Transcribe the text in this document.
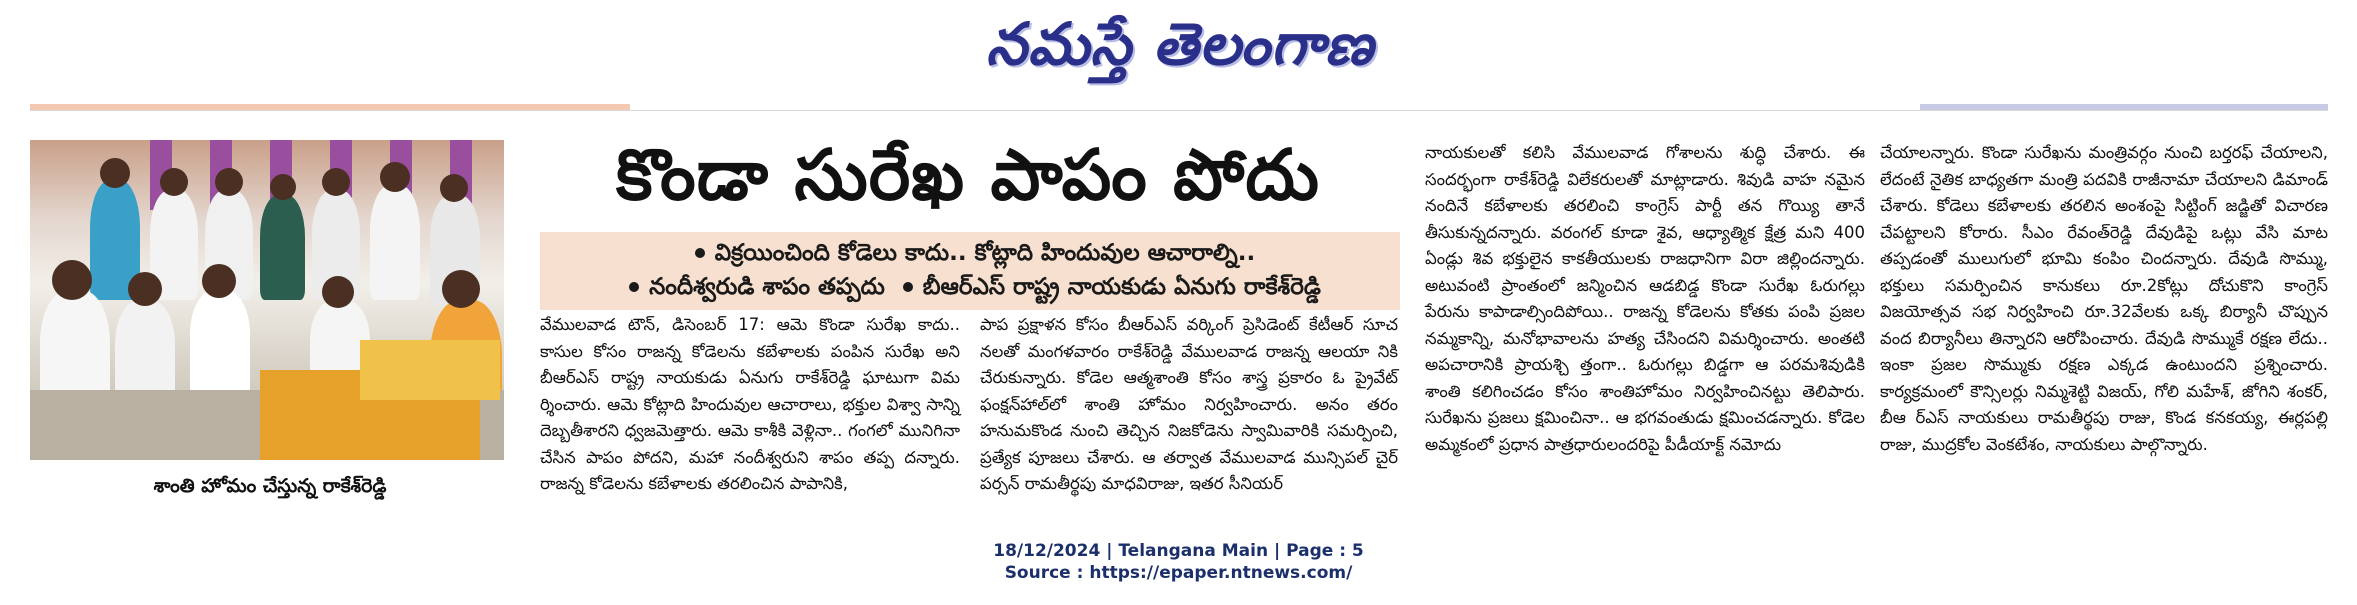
నమస్తే తెలంగాణ
శాంతి హోమం చేస్తున్న రాకేశ్‌రెడ్డి
కొండా సురేఖ పాపం పోదు
విక్రయించింది కోడెలు కాదు.. కోట్లాది హిందువుల ఆచారాల్ని..
నందీశ్వరుడి శాపం తప్పదు బీఆర్‌ఎస్‌ రాష్ట్ర నాయకుడు ఏనుగు రాకేశ్‌రెడ్డి

వేములవాడ టౌన్‌, డిసెంబర్‌ 17: ఆమె కొండా సురేఖ కాదు.. కాసుల కోసం రాజన్న కోడెలను కబేళాలకు పంపిన సురేఖ అని బీఆర్‌ఎస్‌ రాష్ట్ర నాయకుడు ఏనుగు రాకేశ్‌రెడ్డి ఘాటుగా విమ ర్శించారు. ఆమె కోట్లాది హిందువుల ఆచారాలు, భక్తుల విశ్వా సాన్ని దెబ్బతీశారని ధ్వజమెత్తారు. ఆమె కాశీకి వెళ్లినా.. గంగలో మునిగినా చేసిన పాపం పోదని, మహా నందీశ్వరుని శాపం తప్ప దన్నారు. రాజన్న కోడెలను కబేళాలకు తరలించిన పాపానికి,

పాప ప్రక్షాళన కోసం బీఆర్‌ఎస్‌ వర్కింగ్‌ ప్రెసిడెంట్‌ కేటీఆర్‌ సూచ నలతో మంగళవారం రాకేశ్‌రెడ్డి వేములవాడ రాజన్న ఆలయా నికి చేరుకున్నారు. కోడెల ఆత్మశాంతి కోసం శాస్త్ర ప్రకారం ఓ ప్రైవేట్‌ ఫంక్షన్‌హాల్‌లో శాంతి హోమం నిర్వహించారు. అనం తరం హనుమకొండ నుంచి తెచ్చిన నిజకోడెను స్వామివారికి సమర్పించి, ప్రత్యేక పూజలు చేశారు. ఆ తర్వాత వేములవాడ మున్సిపల్‌ చైర్‌ పర్సన్‌ రామతీర్థపు మాధవిరాజు, ఇతర సీనియర్‌

నాయకులతో కలిసి వేములవాడ గోశాలను శుద్ధి చేశారు. ఈ సందర్భంగా రాకేశ్‌రెడ్డి విలేకరులతో మాట్లాడారు. శివుడి వాహ నమైన నందినే కబేళాలకు తరలించి కాంగ్రెస్‌ పార్టీ తన గొయ్యి తానే తీసుకున్నదన్నారు. వరంగల్‌ కూడా శైవ, ఆధ్యాత్మిక క్షేత్ర మని 400 ఏండ్లు శివ భక్తులైన కాకతీయులకు రాజధానిగా విరా జిల్లిందన్నారు. అటువంటి ప్రాంతంలో జన్మించిన ఆడబిడ్డ కొండా సురేఖ ఓరుగల్లు పేరును కాపాడాల్సిందిపోయి.. రాజన్న కోడెలను కోతకు పంపి ప్రజల నమ్మకాన్ని, మనోభావాలను హత్య చేసిందని విమర్శించారు. అంతటి అపచారానికి ప్రాయశ్చి త్తంగా.. ఓరుగల్లు బిడ్డగా ఆ పరమశివుడికి శాంతి కలిగించడం కోసం శాంతిహోమం నిర్వహించినట్టు తెలిపారు. సురేఖను ప్రజలు క్షమించినా.. ఆ భగవంతుడు క్షమించడన్నారు. కోడెల అమ్మకంలో ప్రధాన పాత్రధారులందరిపై పీడీయాక్ట్‌ నమోదు

చేయాలన్నారు. కొండా సురేఖను మంత్రివర్గం నుంచి బర్తరఫ్‌ చేయాలని, లేదంటే నైతిక బాధ్యతగా మంత్రి పదవికి రాజీనామా చేయాలని డిమాండ్‌ చేశారు. కోడెలు కబేళాలకు తరలిన అంశంపై సిట్టింగ్‌ జడ్జితో విచారణ చేపట్టాలని కోరారు. సీఎం రేవంత్‌రెడ్డి దేవుడిపై ఒట్లు వేసి మాట తప్పడంతో ములుగులో భూమి కంపిం చిందన్నారు. దేవుడి సొమ్ము, భక్తులు సమర్పించిన కానుకలు రూ.2కోట్లు దోచుకొని కాంగ్రెస్‌ విజయోత్సవ సభ నిర్వహించి రూ.32వేలకు ఒక్క బిర్యానీ చొప్పున వంద బిర్యానీలు తిన్నారని ఆరోపించారు. దేవుడి సొమ్ముకే రక్షణ లేదు.. ఇంకా ప్రజల సొమ్ముకు రక్షణ ఎక్కడ ఉంటుందని ప్రశ్నించారు. కార్యక్రమంలో కౌన్సిలర్లు నిమ్మశెట్టి విజయ్‌, గోలి మహేశ్‌, జోగిని శంకర్‌, బీఆ ర్‌ఎస్‌ నాయకులు రామతీర్థపు రాజు, కొండ కనకయ్య, ఈర్లపల్లి రాజు, ముద్రకోల వెంకటేశం, నాయకులు పాల్గొన్నారు.

18/12/2024 | Telangana Main | Page : 5
Source : https://epaper.ntnews.com/
